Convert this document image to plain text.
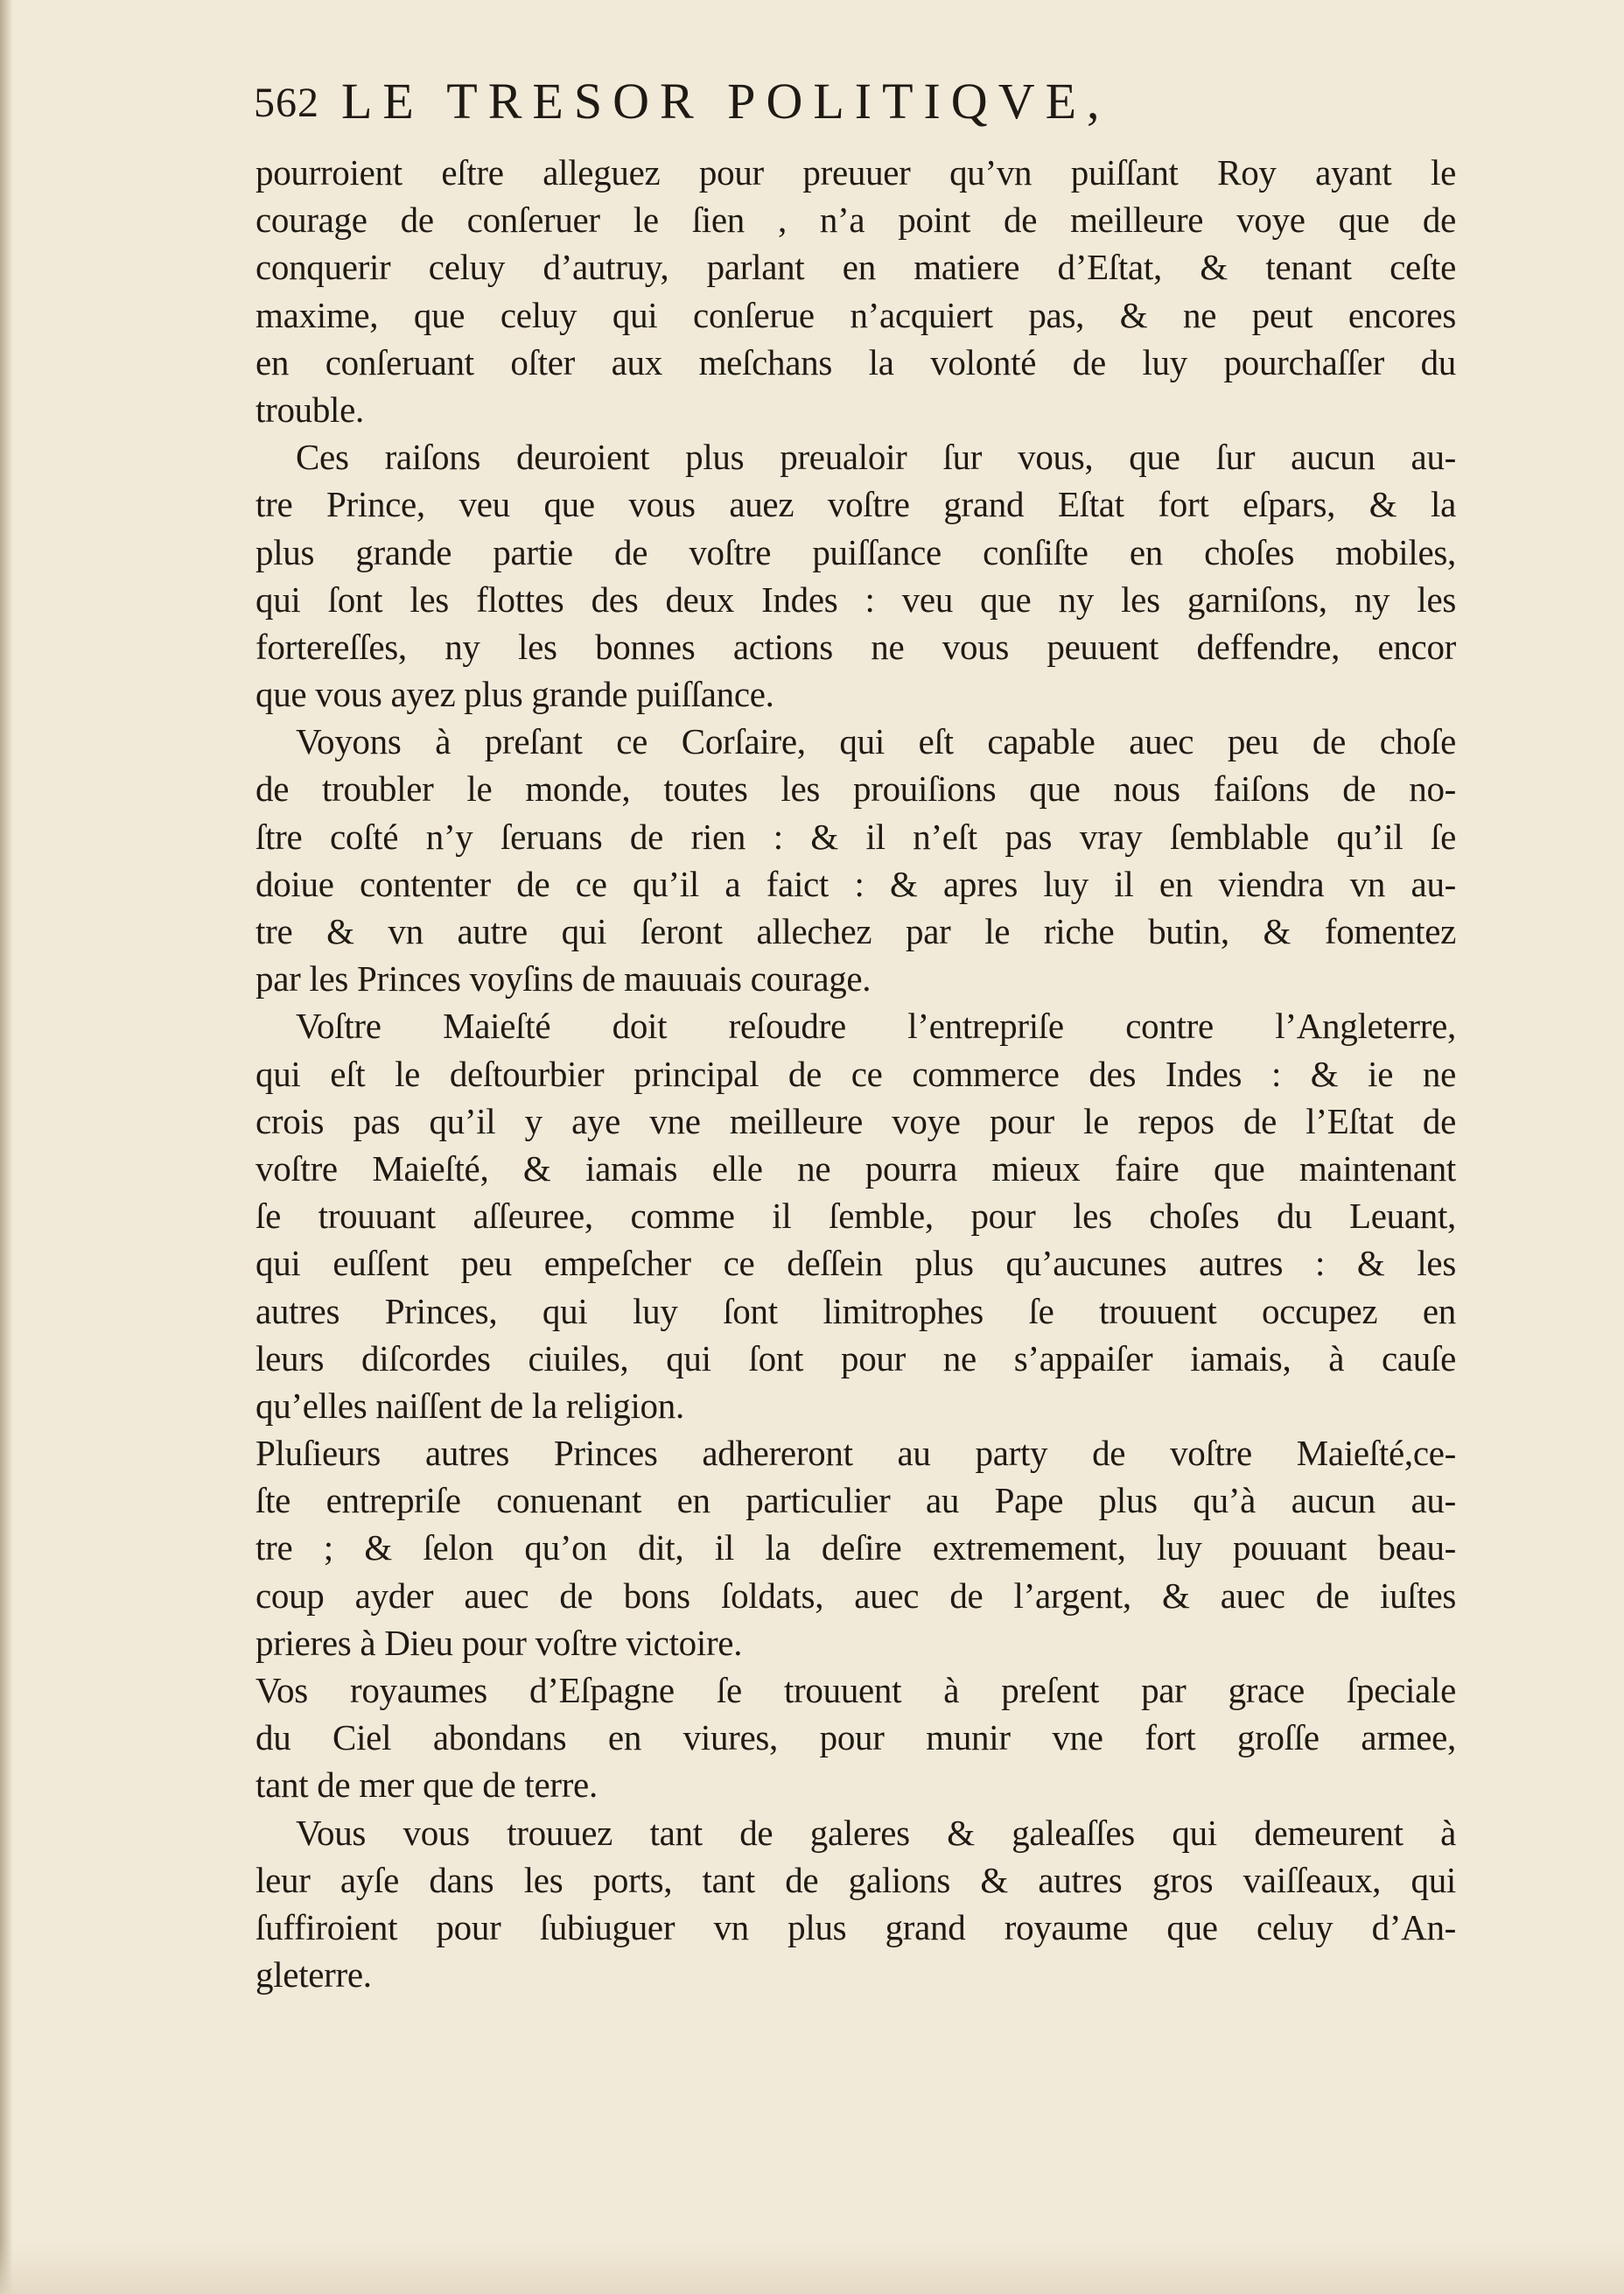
562 LE TRESOR POLITIQVE,
pourroient eſtre alleguez pour preuuer qu’vn puiſſant Roy ayant le
courage de conſeruer le ſien , n’a point de meilleure voye que de
conquerir celuy d’autruy, parlant en matiere d’Eſtat, & tenant ceſte
maxime, que celuy qui conſerue n’acquiert pas, & ne peut encores
en conſeruant oſter aux meſchans la volonté de luy pourchaſſer du
trouble.
Ces raiſons deuroient plus preualoir ſur vous, que ſur aucun au-
tre Prince, veu que vous auez voſtre grand Eſtat fort eſpars, & la
plus grande partie de voſtre puiſſance conſiſte en choſes mobiles,
qui ſont les flottes des deux Indes : veu que ny les garniſons, ny les
forterеſſes, ny les bonnes actions ne vous peuuent deffendre, encor
que vous ayez plus grande puiſſance.
Voyons à preſant ce Corſaire, qui eſt capable auec peu de choſe
de troubler le monde, toutes les prouiſions que nous faiſons de no-
ſtre coſté n’y ſeruans de rien : & il n’eſt pas vray ſemblable qu’il ſe
doiue contenter de ce qu’il a faict : & apres luy il en viendra vn au-
tre & vn autre qui ſeront allechez par le riche butin, & fomentez
par les Princes voyſins de mauuais courage.
Voſtre Maieſté doit reſoudre l’entrepriſe contre l’Angleterre,
qui eſt le deſtourbier principal de ce commerce des Indes : & ie ne
crois pas qu’il y aye vne meilleure voye pour le repos de l’Eſtat de
voſtre Maieſté, & iamais elle ne pourra mieux faire que maintenant
ſe trouuant aſſeuree, comme il ſemble, pour les choſes du Leuant,
qui euſſent peu empeſcher ce deſſein plus qu’aucunes autres : & les
autres Princes, qui luy ſont limitrophes ſe trouuent occupez en
leurs diſcordes ciuiles, qui ſont pour ne s’appaiſer iamais, à cauſe
qu’elles naiſſent de la religion.
Pluſieurs autres Princes adhereront au party de voſtre Maieſté,ce-
ſte entrepriſe conuenant en particulier au Pape plus qu’à aucun au-
tre ; & ſelon qu’on dit, il la deſire extremement, luy pouuant beau-
coup ayder auec de bons ſoldats, auec de l’argent, & auec de iuſtes
prieres à Dieu pour voſtre victoire.
Vos royaumes d’Eſpagne ſe trouuent à preſent par grace ſpeciale
du Ciel abondans en viures, pour munir vne fort groſſe armee,
tant de mer que de terre.
Vous vous trouuez tant de galeres & galeaſſes qui demeurent à
leur ayſe dans les ports, tant de galions & autres gros vaiſſeaux, qui
ſuffiroient pour ſubiuguer vn plus grand royaume que celuy d’An-
gleterre.
